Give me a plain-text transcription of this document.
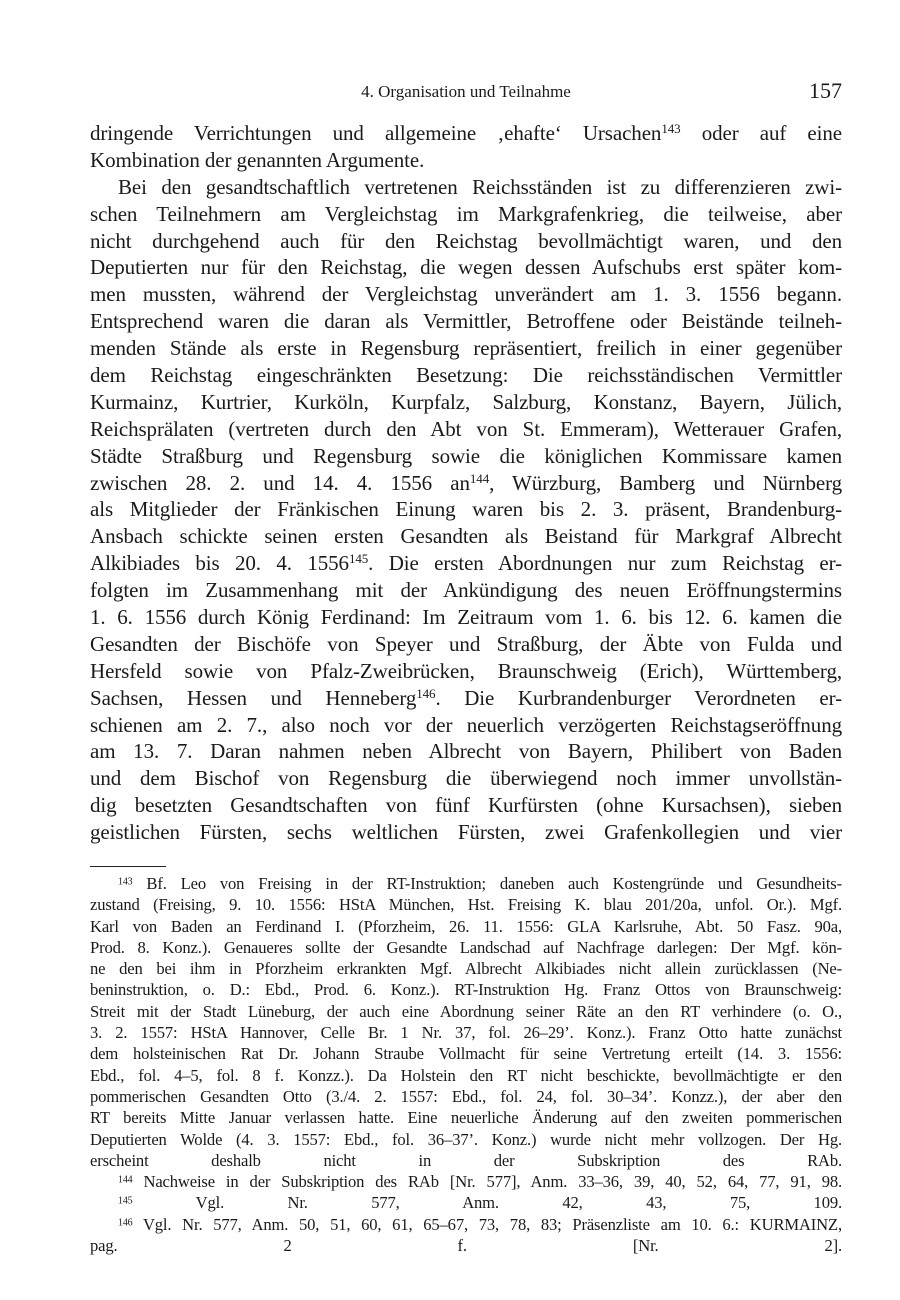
4. Organisation und Teilnahme	157
dringende Verrichtungen und allgemeine ‚ehafte‘ Ursachen$^{143}$ oder auf eine
Kombination der genannten Argumente.
Bei den gesandtschaftlich vertretenen Reichsständen ist zu differenzieren zwi-
schen Teilnehmern am Vergleichstag im Markgrafenkrieg, die teilweise, aber
nicht durchgehend auch für den Reichstag bevollmächtigt waren, und den
Deputierten nur für den Reichstag, die wegen dessen Aufschubs erst später kom-
men mussten, während der Vergleichstag unverändert am 1. 3. 1556 begann.
Entsprechend waren die daran als Vermittler, Betroffene oder Beistände teilneh-
menden Stände als erste in Regensburg repräsentiert, freilich in einer gegenüber
dem Reichstag eingeschränkten Besetzung: Die reichsständischen Vermittler
Kurmainz, Kurtrier, Kurköln, Kurpfalz, Salzburg, Konstanz, Bayern, Jülich,
Reichsprälaten (vertreten durch den Abt von St. Emmeram), Wetterauer Grafen,
Städte Straßburg und Regensburg sowie die königlichen Kommissare kamen
zwischen 28. 2. und 14. 4. 1556 $an^{144}$, Würzburg, Bamberg und Nürnberg
als Mitglieder der Fränkischen Einung waren bis 2. 3. präsent, Brandenburg-
Ansbach schickte seinen ersten Gesandten als Beistand für Markgraf Albrecht
Alkibiades bis 20. 4. 1556$^{145}$. Die ersten Abordnungen nur zum Reichstag er-
folgten im Zusammenhang mit der Ankündigung des neuen Eröffnungstermins
1. 6. 1556 durch König Ferdinand: Im Zeitraum vom 1. 6. bis 12. 6. kamen die
Gesandten der Bischöfe von Speyer und Straßburg, der Äbte von Fulda und
Hersfeld sowie von Pfalz-Zweibrücken, Braunschweig (Erich), Württemberg,
Sachsen, Hessen und Henneberg$^{146}$. Die Kurbrandenburger Verordneten er-
schienen am 2. 7., also noch vor der neuerlich verzögerten Reichstagseröffnung
am 13. 7. Daran nahmen neben Albrecht von Bayern, Philibert von Baden
und dem Bischof von Regensburg die überwiegend noch immer unvollstän-
dig besetzten Gesandtschaften von fünf Kurfürsten (ohne Kursachsen), sieben
geistlichen Fürsten, sechs weltlichen Fürsten, zwei Grafenkollegien und vier
$^{143}$ Bf. Leo von Freising in der RT-Instruktion; daneben auch Kostengründe und Gesundheits-
zustand (Freising, 9. 10. 1556: HStA München, Hst. Freising K. blau 201/20a, unfol. Or.). Mgf.
Karl von Baden an Ferdinand I. (Pforzheim, 26. 11. 1556: GLA Karlsruhe, Abt. 50 Fasz. 90a,
Prod. 8. Konz.). Genaueres sollte der Gesandte Landschad auf Nachfrage darlegen: Der Mgf. kön-
ne den bei ihm in Pforzheim erkrankten Mgf. Albrecht Alkibiades nicht allein zurücklassen (Ne-
beninstruktion, o. D.: Ebd., Prod. 6. Konz.). RT-Instruktion Hg. Franz Ottos von Braunschweig:
Streit mit der Stadt Lüneburg, der auch eine Abordnung seiner Räte an den RT verhindere (o. O.,
3. 2. 1557: HStA Hannover, Celle Br. 1 Nr. 37, fol. 26–29’. Konz.). Franz Otto hatte zunächst
dem holsteinischen Rat Dr. Johann Straube Vollmacht für seine Vertretung erteilt (14. 3. 1556:
Ebd., fol. 4–5, fol. 8 f. Konzz.). Da Holstein den RT nicht beschickte, bevollmächtigte er den
pommerischen Gesandten Otto (3./4. 2. 1557: Ebd., fol. 24, fol. 30–34’. Konzz.), der aber den
RT bereits Mitte Januar verlassen hatte. Eine neuerliche Änderung auf den zweiten pommerischen
Deputierten Wolde (4. 3. 1557: Ebd., fol. 36–37’. Konz.) wurde nicht mehr vollzogen. Der Hg.
erscheint deshalb nicht in der Subskription des RAb.
$^{144}$ Nachweise in der Subskription des RAb [Nr. 577], Anm. 33–36, 39, 40, 52, 64, 77, 91, 98.
$^{145}$ Vgl. Nr. 577, Anm. 42, 43, 75, 109.
$^{146}$ Vgl. Nr. 577, Anm. 50, 51, 60, 61, 65–67, 73, 78, 83; Präsenzliste am 10. 6.: KURMAINZ,
pag. 2 f. [Nr. 2].
